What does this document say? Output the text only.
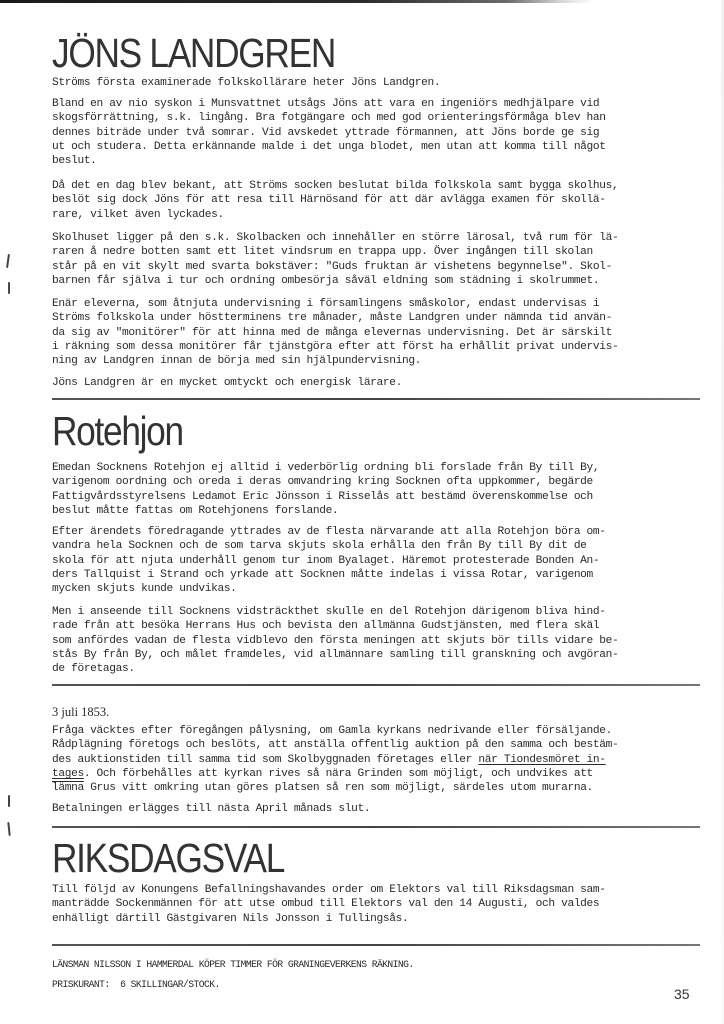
JÖNS LANDGREN

Ströms första examinerade folkskollärare heter Jöns Landgren.

Bland en av nio syskon i Munsvattnet utsågs Jöns att vara en ingeniörs medhjälpare vid

skogsförrättning, s.k. lingång. Bra fotgängare och med god orienteringsförmåga blev han

dennes biträde under två somrar. Vid avskedet yttrade förmannen, att Jöns borde ge sig

ut och studera. Detta erkännande malde i det unga blodet, men utan att komma till något

beslut.

Då det en dag blev bekant, att Ströms socken beslutat bilda folkskola samt bygga skolhus,

beslöt sig dock Jöns för att resa till Härnösand för att där avlägga examen för skollä-

rare, vilket även lyckades.

Skolhuset ligger på den s.k. Skolbacken och innehåller en större lärosal, två rum för lä-

raren å nedre botten samt ett litet vindsrum en trappa upp. Över ingången till skolan

står på en vit skylt med svarta bokstäver: "Guds fruktan är vishetens begynnelse". Skol-

barnen får själva i tur och ordning ombesörja såväl eldning som städning i skolrummet.

Enär eleverna, som åtnjuta undervisning i församlingens småskolor, endast undervisas i

Ströms folkskola under höstterminens tre månader, måste Landgren under nämnda tid använ-

da sig av "monitörer" för att hinna med de många elevernas undervisning. Det är särskilt

i räkning som dessa monitörer får tjänstgöra efter att först ha erhållit privat undervis-

ning av Landgren innan de börja med sin hjälpundervisning.

Jöns Landgren är en mycket omtyckt och energisk lärare.

Rotehjon

Emedan Socknens Rotehjon ej alltid i vederbörlig ordning bli forslade från By till By,

varigenom oordning och oreda i deras omvandring kring Socknen ofta uppkommer, begärde

Fattigvårdsstyrelsens Ledamot Eric Jönsson i Risselås att bestämd överenskommelse och

beslut måtte fattas om Rotehjonens forslande.

Efter ärendets föredragande yttrades av de flesta närvarande att alla Rotehjon böra om-

vandra hela Socknen och de som tarva skjuts skola erhålla den från By till By dit de

skola för att njuta underhåll genom tur inom Byalaget. Häremot protesterade Bonden An-

ders Tallquist i Strand och yrkade att Socknen måtte indelas i vissa Rotar, varigenom

mycken skjuts kunde undvikas.

Men i anseende till Socknens vidsträckthet skulle en del Rotehjon därigenom bliva hind-

rade från att besöka Herrans Hus och bevista den allmänna Gudstjänsten, med flera skäl

som anfördes vadan de flesta vidblevo den första meningen att skjuts bör tills vidare be-

stås By från By, och målet framdeles, vid allmännare samling till granskning och avgöran-

de företagas.

3 juli 1853.

Fråga väcktes efter föregången pålysning, om Gamla kyrkans nedrivande eller försäljande.

Rådplägning företogs och beslöts, att anställa offentlig auktion på den samma och bestäm-

des auktionstiden till samma tid som Skolbyggnaden företages eller när Tiondesmöret in-

tages. Och förbehålles att kyrkan rives så nära Grinden som möjligt, och undvikes att

lämna Grus vitt omkring utan göres platsen så ren som möjligt, särdeles utom murarna.

Betalningen erlägges till nästa April månads slut.

RIKSDAGSVAL

Till följd av Konungens Befallningshavandes order om Elektors val till Riksdagsman sam-

manträdde Sockenmännen för att utse ombud till Elektors val den 14 Augusti, och valdes

enhälligt därtill Gästgivaren Nils Jonsson i Tullingsås.

LÄNSMAN NILSSON I HAMMERDAL KÖPER TIMMER FÖR GRANINGEVERKENS RÄKNING.
PRISKURANT:  6 SKILLINGAR/STOCK.
35
